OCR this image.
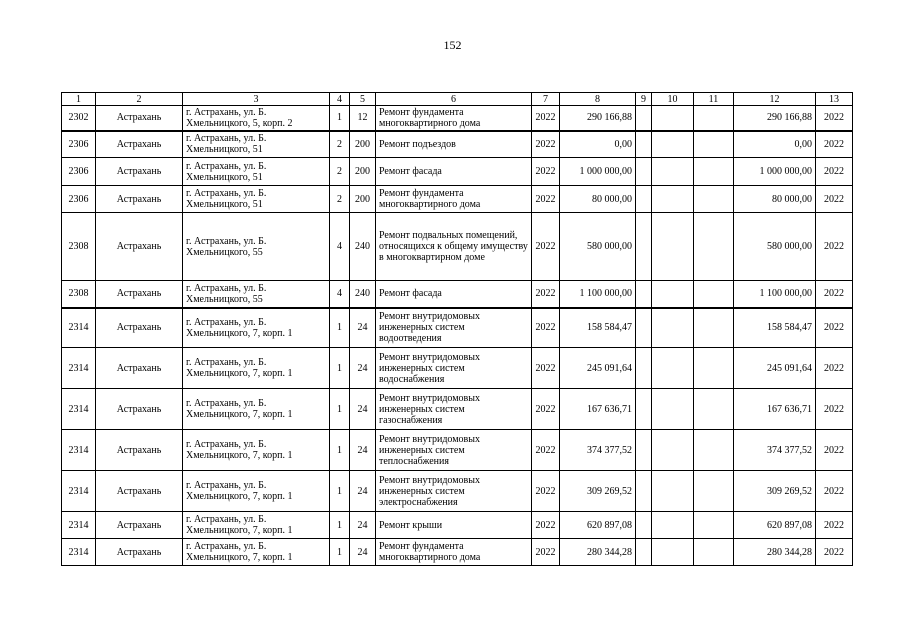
152
1	2	3	4	5	6	7	8	9	10	11	12	13
2302	Астрахань	г. Астрахань, ул. Б. Хмельницкого, 5, корп. 2	1	12	Ремонт фундамента многоквартирного дома	2022	290 166,88				290 166,88	2022
2306	Астрахань	г. Астрахань, ул. Б. Хмельницкого, 51	2	200	Ремонт подъездов	2022	0,00				0,00	2022
2306	Астрахань	г. Астрахань, ул. Б. Хмельницкого, 51	2	200	Ремонт фасада	2022	1 000 000,00				1 000 000,00	2022
2306	Астрахань	г. Астрахань, ул. Б. Хмельницкого, 51	2	200	Ремонт фундамента многоквартирного дома	2022	80 000,00				80 000,00	2022
2308	Астрахань	г. Астрахань, ул. Б. Хмельницкого, 55	4	240	Ремонт подвальных помещений, относящихся к общему имуществу в многоквартирном доме	2022	580 000,00				580 000,00	2022
2308	Астрахань	г. Астрахань, ул. Б. Хмельницкого, 55	4	240	Ремонт фасада	2022	1 100 000,00				1 100 000,00	2022
2314	Астрахань	г. Астрахань, ул. Б. Хмельницкого, 7, корп. 1	1	24	Ремонт внутридомовых инженерных систем водоотведения	2022	158 584,47				158 584,47	2022
2314	Астрахань	г. Астрахань, ул. Б. Хмельницкого, 7, корп. 1	1	24	Ремонт внутридомовых инженерных систем водоснабжения	2022	245 091,64				245 091,64	2022
2314	Астрахань	г. Астрахань, ул. Б. Хмельницкого, 7, корп. 1	1	24	Ремонт внутридомовых инженерных систем газоснабжения	2022	167 636,71				167 636,71	2022
2314	Астрахань	г. Астрахань, ул. Б. Хмельницкого, 7, корп. 1	1	24	Ремонт внутридомовых инженерных систем теплоснабжения	2022	374 377,52				374 377,52	2022
2314	Астрахань	г. Астрахань, ул. Б. Хмельницкого, 7, корп. 1	1	24	Ремонт внутридомовых инженерных систем электроснабжения	2022	309 269,52				309 269,52	2022
2314	Астрахань	г. Астрахань, ул. Б. Хмельницкого, 7, корп. 1	1	24	Ремонт крыши	2022	620 897,08				620 897,08	2022
2314	Астрахань	г. Астрахань, ул. Б. Хмельницкого, 7, корп. 1	1	24	Ремонт фундамента многоквартирного дома	2022	280 344,28				280 344,28	2022
